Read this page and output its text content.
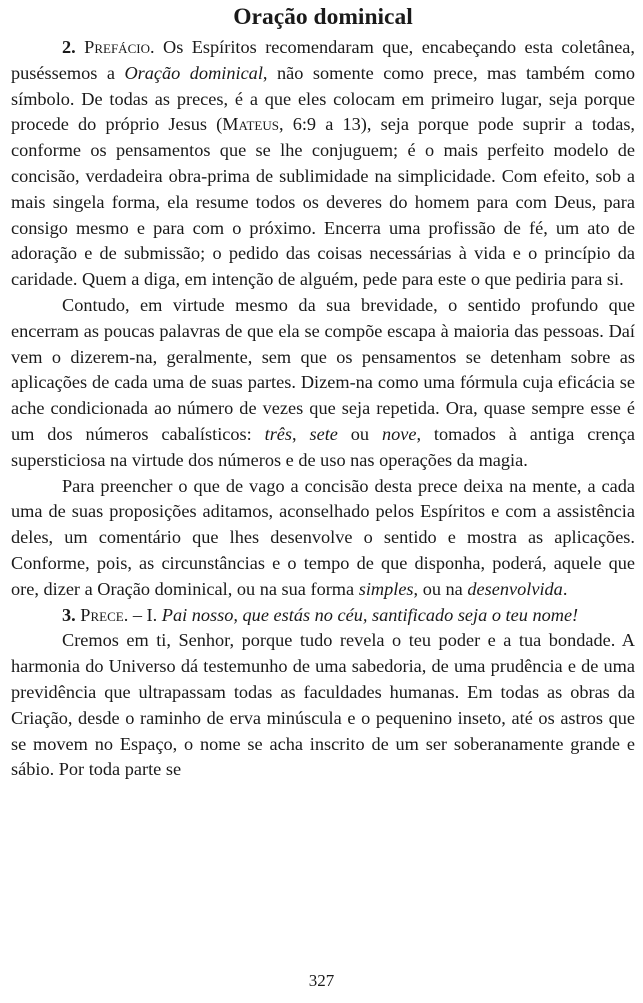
Oração dominical

2. Prefácio. Os Espíritos recomendaram que, encabeçando esta coletânea, puséssemos a Oração dominical, não somente como prece, mas também como símbolo. De todas as preces, é a que eles colocam em primeiro lugar, seja porque procede do próprio Jesus (Mateus, 6:9 a 13), seja porque pode suprir a todas, conforme os pensamentos que se lhe conjuguem; é o mais perfeito modelo de concisão, verdadeira obra-prima de sublimidade na simplicidade. Com efeito, sob a mais singela forma, ela resume todos os deveres do homem para com Deus, para consigo mesmo e para com o próximo. Encerra uma profissão de fé, um ato de adoração e de submissão; o pedido das coisas necessárias à vida e o princípio da caridade. Quem a diga, em intenção de alguém, pede para este o que pediria para si.

Contudo, em virtude mesmo da sua brevidade, o sentido profundo que encerram as poucas palavras de que ela se compõe escapa à maioria das pessoas. Daí vem o dizerem-na, geralmente, sem que os pensamentos se detenham sobre as aplicações de cada uma de suas partes. Dizem-na como uma fórmula cuja eficácia se ache condicionada ao número de vezes que seja repetida. Ora, quase sempre esse é um dos números cabalísticos: três, sete ou nove, tomados à antiga crença supersticiosa na virtude dos números e de uso nas operações da magia.

Para preencher o que de vago a concisão desta prece deixa na mente, a cada uma de suas proposições aditamos, aconselhado pelos Espíritos e com a assistência deles, um comentário que lhes desenvolve o sentido e mostra as aplicações. Conforme, pois, as circunstâncias e o tempo de que disponha, poderá, aquele que ore, dizer a Oração dominical, ou na sua forma simples, ou na desenvolvida.

3. Prece. – I. Pai nosso, que estás no céu, santificado seja o teu nome!

Cremos em ti, Senhor, porque tudo revela o teu poder e a tua bondade. A harmonia do Universo dá testemunho de uma sabedoria, de uma prudência e de uma previdência que ultrapassam todas as faculdades humanas. Em todas as obras da Criação, desde o raminho de erva minúscula e o pequenino inseto, até os astros que se movem no Espaço, o nome se acha inscrito de um ser soberanamente grande e sábio. Por toda parte se

327
